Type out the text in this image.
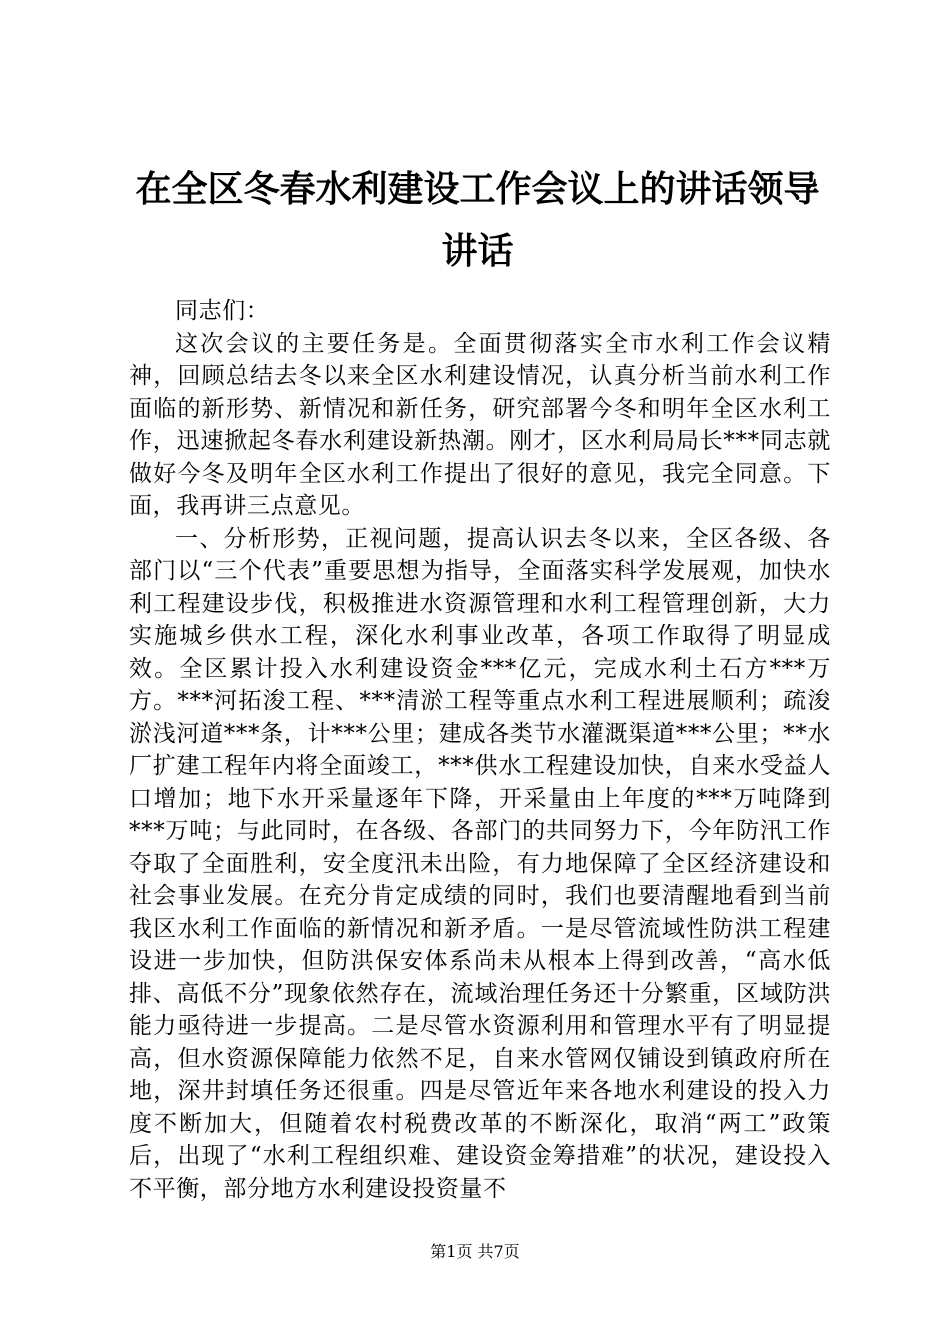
在全区冬春水利建设工作会议上的讲话领导讲话

同志们：

这次会议的主要任务是。全面贯彻落实全市水利工作会议精神，回顾总结去冬以来全区水利建设情况，认真分析当前水利工作面临的新形势、新情况和新任务，研究部署今冬和明年全区水利工作，迅速掀起冬春水利建设新热潮。刚才，区水利局局长***同志就做好今冬及明年全区水利工作提出了很好的意见，我完全同意。下面，我再讲三点意见。

一、分析形势，正视问题，提高认识去冬以来，全区各级、各部门以“三个代表”重要思想为指导，全面落实科学发展观，加快水利工程建设步伐，积极推进水资源管理和水利工程管理创新，大力实施城乡供水工程，深化水利事业改革，各项工作取得了明显成效。全区累计投入水利建设资金***亿元，完成水利土石方***万方。***河拓浚工程、***清淤工程等重点水利工程进展顺利；疏浚淤浅河道***条，计***公里；建成各类节水灌溉渠道***公里；**水厂扩建工程年内将全面竣工，***供水工程建设加快，自来水受益人口增加；地下水开采量逐年下降，开采量由上年度的***万吨降到***万吨；与此同时，在各级、各部门的共同努力下，今年防汛工作夺取了全面胜利，安全度汛未出险，有力地保障了全区经济建设和社会事业发展。在充分肯定成绩的同时，我们也要清醒地看到当前我区水利工作面临的新情况和新矛盾。一是尽管流域性防洪工程建设进一步加快，但防洪保安体系尚未从根本上得到改善，“高水低排、高低不分”现象依然存在，流域治理任务还十分繁重，区域防洪能力亟待进一步提高。二是尽管水资源利用和管理水平有了明显提高，但水资源保障能力依然不足，自来水管网仅铺设到镇政府所在地，深井封填任务还很重。四是尽管近年来各地水利建设的投入力度不断加大，但随着农村税费改革的不断深化，取消“两工”政策后，出现了“水利工程组织难、建设资金筹措难”的状况，建设投入不平衡，部分地方水利建设投资量不

第1页 共7页
